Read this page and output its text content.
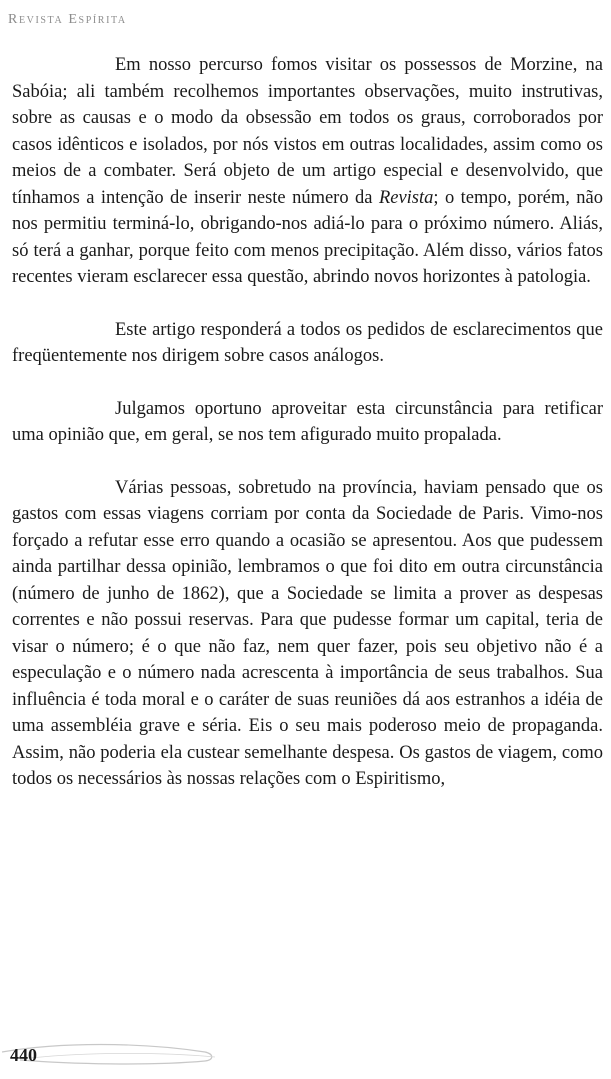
Revista Espírita

Em nosso percurso fomos visitar os possessos de Morzine, na Sabóia; ali também recolhemos importantes observações, muito instrutivas, sobre as causas e o modo da obsessão em todos os graus, corroborados por casos idênticos e isolados, por nós vistos em outras localidades, assim como os meios de a combater. Será objeto de um artigo especial e desenvolvido, que tínhamos a intenção de inserir neste número da Revista; o tempo, porém, não nos permitiu terminá-lo, obrigando-nos adiá-lo para o próximo número. Aliás, só terá a ganhar, porque feito com menos precipitação. Além disso, vários fatos recentes vieram esclarecer essa questão, abrindo novos horizontes à patologia.

Este artigo responderá a todos os pedidos de esclarecimentos que freqüentemente nos dirigem sobre casos análogos.

Julgamos oportuno aproveitar esta circunstância para retificar uma opinião que, em geral, se nos tem afigurado muito propalada.

Várias pessoas, sobretudo na província, haviam pensado que os gastos com essas viagens corriam por conta da Sociedade de Paris. Vimo-nos forçado a refutar esse erro quando a ocasião se apresentou. Aos que pudessem ainda partilhar dessa opinião, lembramos o que foi dito em outra circunstância (número de junho de 1862), que a Sociedade se limita a prover as despesas correntes e não possui reservas. Para que pudesse formar um capital, teria de visar o número; é o que não faz, nem quer fazer, pois seu objetivo não é a especulação e o número nada acrescenta à importância de seus trabalhos. Sua influência é toda moral e o caráter de suas reuniões dá aos estranhos a idéia de uma assembléia grave e séria. Eis o seu mais poderoso meio de propaganda. Assim, não poderia ela custear semelhante despesa. Os gastos de viagem, como todos os necessários às nossas relações com o Espiritismo,

440
